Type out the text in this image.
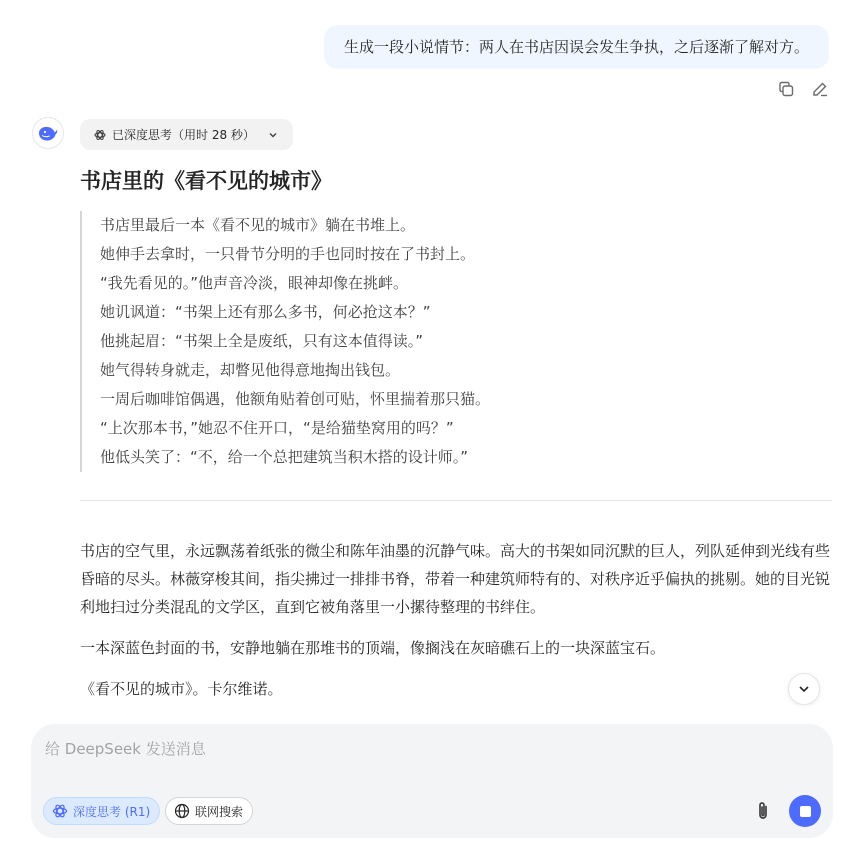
生成一段小说情节：两人在书店因误会发生争执，之后逐渐了解对方。
已深度思考（用时 28 秒）
书店里的《看不见的城市》

书店里最后一本《看不见的城市》躺在书堆上。

她伸手去拿时，一只骨节分明的手也同时按在了书封上。

“我先看见的。”他声音冷淡，眼神却像在挑衅。

她讥讽道：“书架上还有那么多书，何必抢这本？”

他挑起眉：“书架上全是废纸，只有这本值得读。”

她气得转身就走，却瞥见他得意地掏出钱包。

一周后咖啡馆偶遇，他额角贴着创可贴，怀里揣着那只猫。

“上次那本书，”她忍不住开口，“是给猫垫窝用的吗？”

他低头笑了：“不，给一个总把建筑当积木搭的设计师。”

书店的空气里，永远飘荡着纸张的微尘和陈年油墨的沉静气味。高大的书架如同沉默的巨人，列队延伸到光线有些昏暗的尽头。林薇穿梭其间，指尖拂过一排排书脊，带着一种建筑师特有的、对秩序近乎偏执的挑剔。她的目光锐利地扫过分类混乱的文学区，直到它被角落里一小摞待整理的书绊住。

一本深蓝色封面的书，安静地躺在那堆书的顶端，像搁浅在灰暗礁石上的一块深蓝宝石。

《看不见的城市》。卡尔维诺。

给 DeepSeek 发送消息
深度思考 (R1)	联网搜索
